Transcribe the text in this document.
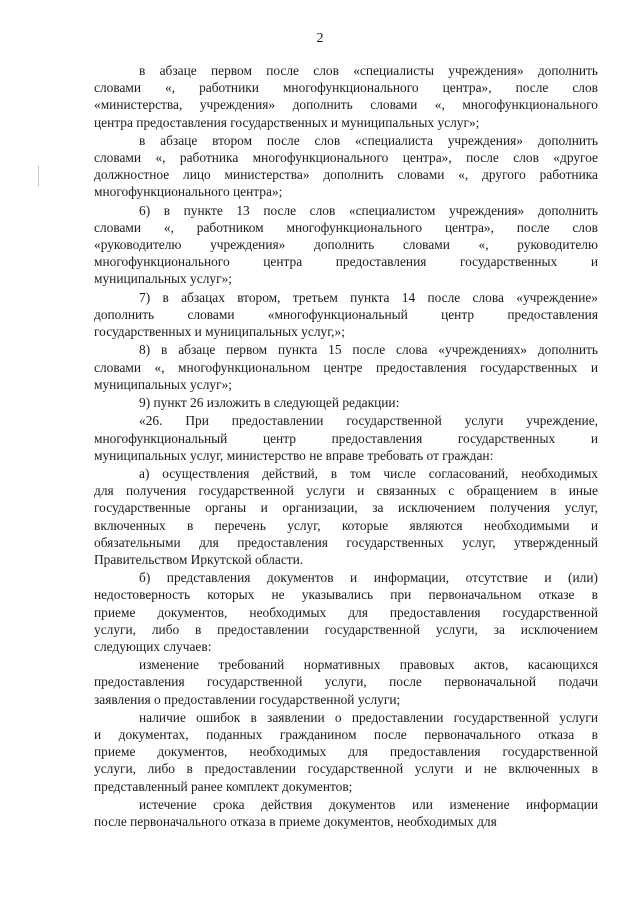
2
в абзаце первом после слов «специалисты учреждения» дополнить
словами «, работники многофункционального центра», после слов
«министерства, учреждения» дополнить словами «, многофункционального
центра предоставления государственных и муниципальных услуг»;
в абзаце втором после слов «специалиста учреждения» дополнить
словами «, работника многофункционального центра», после слов «другое
должностное лицо министерства» дополнить словами «, другого работника
многофункционального центра»;
6) в пункте 13 после слов «специалистом учреждения» дополнить
словами «, работником многофункционального центра», после слов
«руководителю учреждения» дополнить словами «, руководителю
многофункционального центра предоставления государственных и
муниципальных услуг»;
7) в абзацах втором, третьем пункта 14 после слова «учреждение»
дополнить словами «многофункциональный центр предоставления
государственных и муниципальных услуг,»;
8) в абзаце первом пункта 15 после слова «учреждениях» дополнить
словами «, многофункциональном центре предоставления государственных и
муниципальных услуг»;
9) пункт 26 изложить в следующей редакции:
«26. При предоставлении государственной услуги учреждение,
многофункциональный центр предоставления государственных и
муниципальных услуг, министерство не вправе требовать от граждан:
а) осуществления действий, в том числе согласований, необходимых
для получения государственной услуги и связанных с обращением в иные
государственные органы и организации, за исключением получения услуг,
включенных в перечень услуг, которые являются необходимыми и
обязательными для предоставления государственных услуг, утвержденный
Правительством Иркутской области.
б) представления документов и информации, отсутствие и (или)
недостоверность которых не указывались при первоначальном отказе в
приеме документов, необходимых для предоставления государственной
услуги, либо в предоставлении государственной услуги, за исключением
следующих случаев:
изменение требований нормативных правовых актов, касающихся
предоставления государственной услуги, после первоначальной подачи
заявления о предоставлении государственной услуги;
наличие ошибок в заявлении о предоставлении государственной услуги
и документах, поданных гражданином после первоначального отказа в
приеме документов, необходимых для предоставления государственной
услуги, либо в предоставлении государственной услуги и не включенных в
представленный ранее комплект документов;
истечение срока действия документов или изменение информации
после первоначального отказа в приеме документов, необходимых для
